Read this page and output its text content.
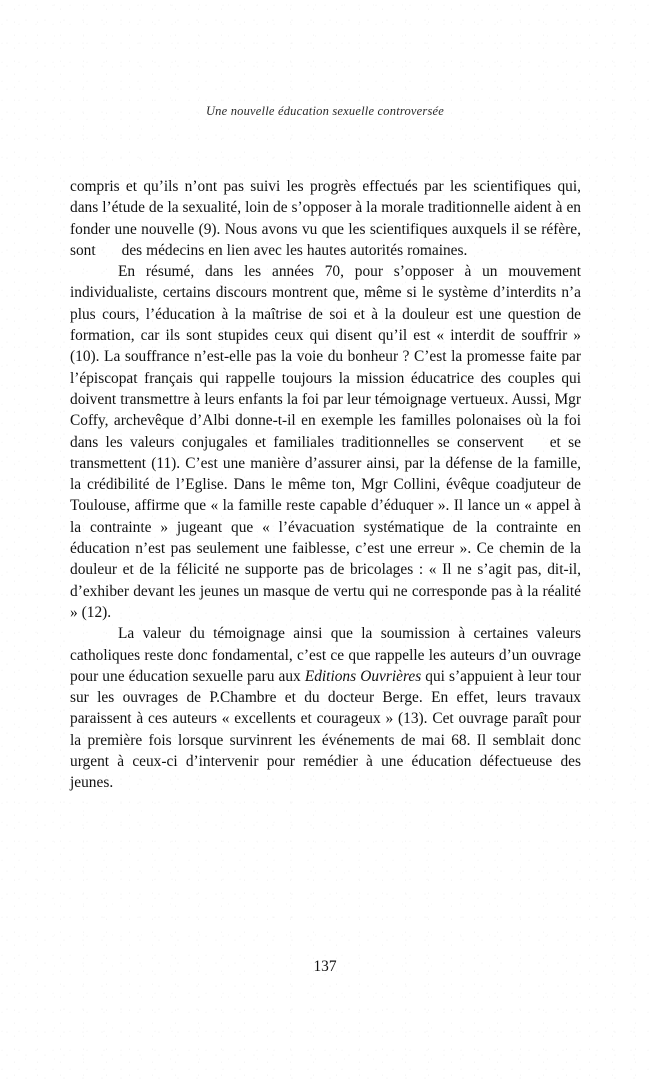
Une nouvelle éducation sexuelle controversée

compris et qu’ils n’ont pas suivi les progrès effectués par les scientifiques qui, dans l’étude de la sexualité, loin de s’opposer à la morale traditionnelle aident à en fonder une nouvelle (9). Nous avons vu que les scientifiques auxquels il se réfère, sont des médecins en lien avec les hautes autorités romaines.

En résumé, dans les années 70, pour s’opposer à un mouvement individualiste, certains discours montrent que, même si le système d’interdits n’a plus cours, l’éducation à la maîtrise de soi et à la douleur est une question de formation, car ils sont stupides ceux qui disent qu’il est « interdit de souffrir » (10). La souffrance n’est-elle pas la voie du bonheur ? C’est la promesse faite par l’épiscopat français qui rappelle toujours la mission éducatrice des couples qui doivent transmettre à leurs enfants la foi par leur témoignage vertueux. Aussi, Mgr Coffy, archevêque d’Albi donne-t-il en exemple les familles polonaises où la foi dans les valeurs conjugales et familiales traditionnelles se conservent et se transmettent (11). C’est une manière d’assurer ainsi, par la défense de la famille, la crédibilité de l’Eglise. Dans le même ton, Mgr Collini, évêque coadjuteur de Toulouse, affirme que « la famille reste capable d’éduquer ». Il lance un « appel à la contrainte » jugeant que « l’évacuation systématique de la contrainte en éducation n’est pas seulement une faiblesse, c’est une erreur ». Ce chemin de la douleur et de la félicité ne supporte pas de bricolages : « Il ne s’agit pas, dit-il, d’exhiber devant les jeunes un masque de vertu qui ne corresponde pas à la réalité » (12).

La valeur du témoignage ainsi que la soumission à certaines valeurs catholiques reste donc fondamental, c’est ce que rappelle les auteurs d’un ouvrage pour une éducation sexuelle paru aux Editions Ouvrières qui s’appuient à leur tour sur les ouvrages de P.Chambre et du docteur Berge. En effet, leurs travaux paraissent à ces auteurs « excellents et courageux » (13). Cet ouvrage paraît pour la première fois lorsque survinrent les événements de mai 68. Il semblait donc urgent à ceux-ci d’intervenir pour remédier à une éducation défectueuse des jeunes.

137
